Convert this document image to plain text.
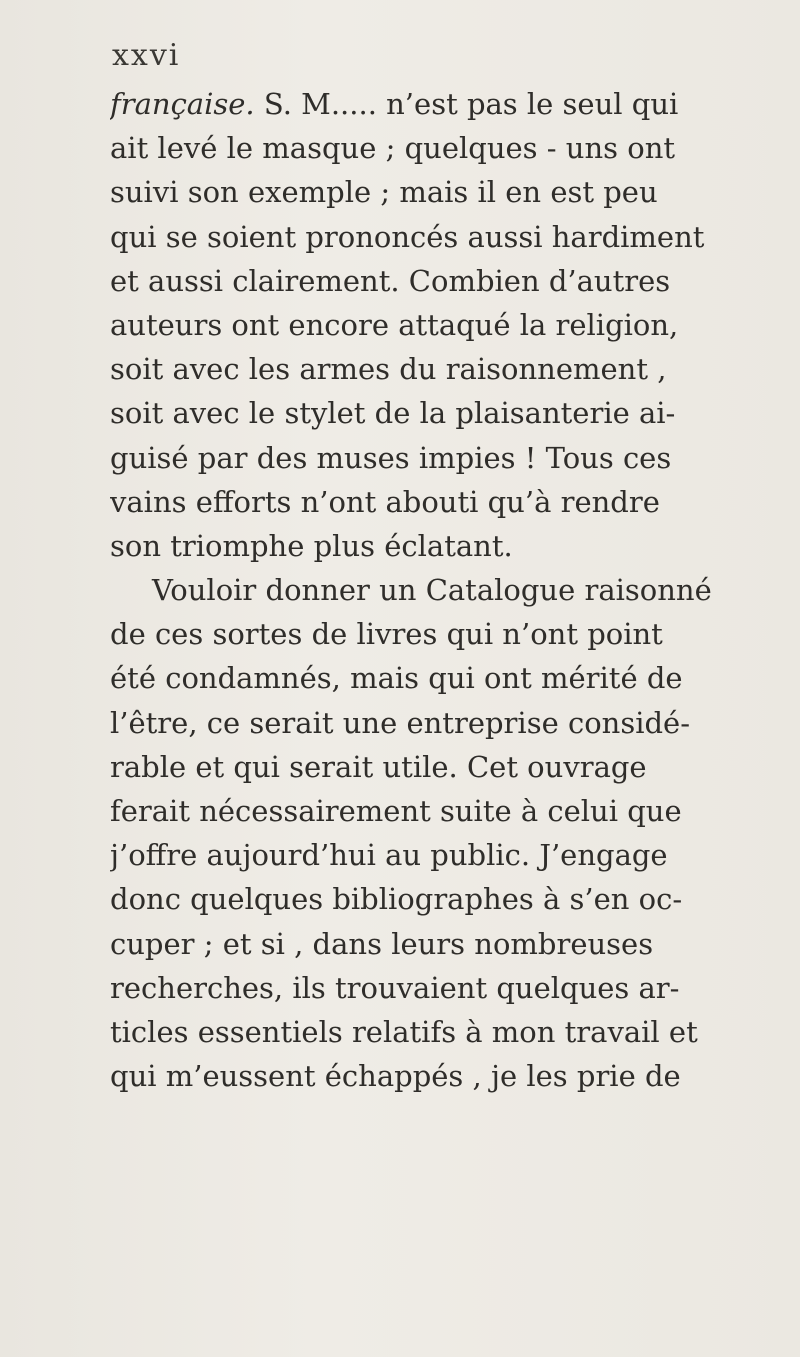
xxvi
française. S. M..... n’est pas le seul qui
ait levé le masque ; quelques - uns ont
suivi son exemple ; mais il en est peu
qui se soient prononcés aussi hardiment
et aussi clairement. Combien d’autres
auteurs ont encore attaqué la religion,
soit avec les armes du raisonnement ,
soit avec le stylet de la plaisanterie ai-
guisé par des muses impies ! Tous ces
vains efforts n’ont abouti qu’à rendre
son triomphe plus éclatant.
Vouloir donner un Catalogue raisonné
de ces sortes de livres qui n’ont point
été condamnés, mais qui ont mérité de
l’être, ce serait une entreprise considé-
rable et qui serait utile. Cet ouvrage
ferait nécessairement suite à celui que
j’offre aujourd’hui au public. J’engage
donc quelques bibliographes à s’en oc-
cuper ; et si , dans leurs nombreuses
recherches, ils trouvaient quelques ar-
ticles essentiels relatifs à mon travail et
qui m’eussent échappés , je les prie de
